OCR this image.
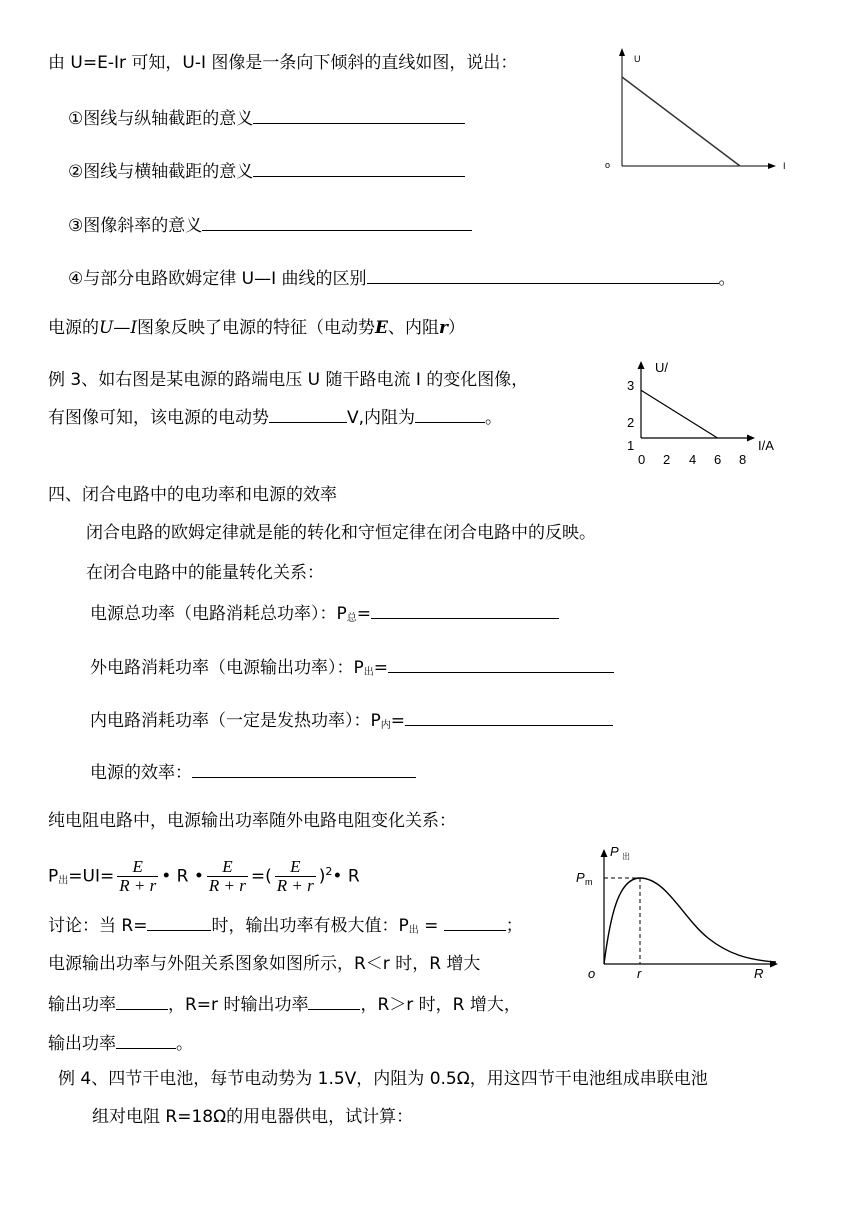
由 U=E-Ir 可知，U-I 图像是一条向下倾斜的直线如图，说出：
①图线与纵轴截距的意义
②图线与横轴截距的意义
③图像斜率的意义
④与部分电路欧姆定律 U—I 曲线的区别	。
U
I
o
电源的U—I图象反映了电源的特征（电动势E、内阻r）
例 3、如右图是某电源的路端电压 U 随干路电流 I 的变化图像，
有图像可知，该电源的电动势	V,内阻为	。
U/
I/A
3
2
1
0 2 4 6 8
四、闭合电路中的电功率和电源的效率
闭合电路的欧姆定律就是能的转化和守恒定律在闭合电路中的反映。
在闭合电路中的能量转化关系：
电源总功率（电路消耗总功率）：$P_总=$
外电路消耗功率（电源输出功率）：$P_出=$
内电路消耗功率（一定是发热功率）：$P_内=$
电源的效率：
纯电阻电路中，电源输出功率随外电路电阻变化关系：
$P_出=UI= \frac{E}{R + r}$ • R • $\frac{E}{R + r}$ =( $\frac{E}{R + r}$ )$^2$• R
讨论：当 R=	时，输出功率有极大值：$P_出$ =	；
电源输出功率与外阻关系图象如图所示，R＜r 时，R 增大
输出功率	，R=r 时输出功率	，R＞r 时，R 增大，
输出功率	。
P 出
P m
o	r	R
例 4、四节干电池，每节电动势为 1.5V，内阻为 0.5Ω，用这四节干电池组成串联电池
组对电阻 R=18Ω的用电器供电，试计算：
